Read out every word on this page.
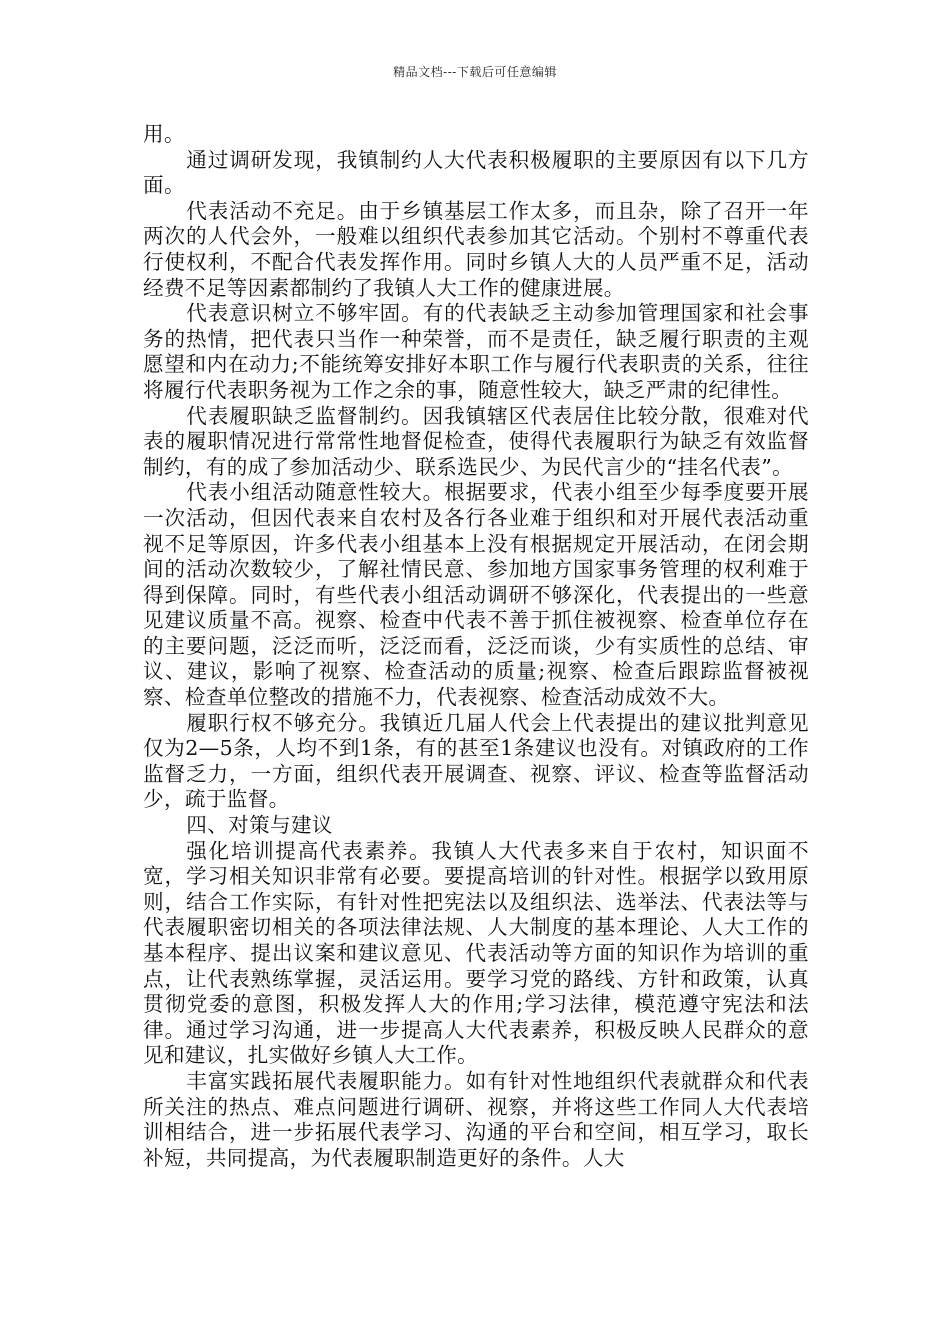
精品文档---下载后可任意编辑

用。

通过调研发现，我镇制约人大代表积极履职的主要原因有以下几方面。

代表活动不充足。由于乡镇基层工作太多，而且杂，除了召开一年两次的人代会外，一般难以组织代表参加其它活动。个别村不尊重代表行使权利，不配合代表发挥作用。同时乡镇人大的人员严重不足，活动经费不足等因素都制约了我镇人大工作的健康进展。

代表意识树立不够牢固。有的代表缺乏主动参加管理国家和社会事务的热情，把代表只当作一种荣誉，而不是责任，缺乏履行职责的主观愿望和内在动力;不能统筹安排好本职工作与履行代表职责的关系，往往将履行代表职务视为工作之余的事，随意性较大，缺乏严肃的纪律性。

代表履职缺乏监督制约。因我镇辖区代表居住比较分散，很难对代表的履职情况进行常常性地督促检查，使得代表履职行为缺乏有效监督制约，有的成了参加活动少、联系选民少、为民代言少的“挂名代表”。

代表小组活动随意性较大。根据要求，代表小组至少每季度要开展一次活动，但因代表来自农村及各行各业难于组织和对开展代表活动重视不足等原因，许多代表小组基本上没有根据规定开展活动，在闭会期间的活动次数较少，了解社情民意、参加地方国家事务管理的权利难于得到保障。同时，有些代表小组活动调研不够深化，代表提出的一些意见建议质量不高。视察、检查中代表不善于抓住被视察、检查单位存在的主要问题，泛泛而听，泛泛而看，泛泛而谈，少有实质性的总结、审议、建议，影响了视察、检查活动的质量;视察、检查后跟踪监督被视察、检查单位整改的措施不力，代表视察、检查活动成效不大。

履职行权不够充分。我镇近几届人代会上代表提出的建议批判意见仅为2—5条，人均不到1条，有的甚至1条建议也没有。对镇政府的工作监督乏力，一方面，组织代表开展调查、视察、评议、检查等监督活动少，疏于监督。

四、对策与建议

强化培训提高代表素养。我镇人大代表多来自于农村，知识面不宽，学习相关知识非常有必要。要提高培训的针对性。根据学以致用原则，结合工作实际，有针对性把宪法以及组织法、选举法、代表法等与代表履职密切相关的各项法律法规、人大制度的基本理论、人大工作的基本程序、提出议案和建议意见、代表活动等方面的知识作为培训的重点，让代表熟练掌握，灵活运用。要学习党的路线、方针和政策，认真贯彻党委的意图，积极发挥人大的作用;学习法律，模范遵守宪法和法律。通过学习沟通，进一步提高人大代表素养，积极反映人民群众的意见和建议，扎实做好乡镇人大工作。

丰富实践拓展代表履职能力。如有针对性地组织代表就群众和代表所关注的热点、难点问题进行调研、视察，并将这些工作同人大代表培训相结合，进一步拓展代表学习、沟通的平台和空间，相互学习，取长补短，共同提高，为代表履职制造更好的条件。人大
